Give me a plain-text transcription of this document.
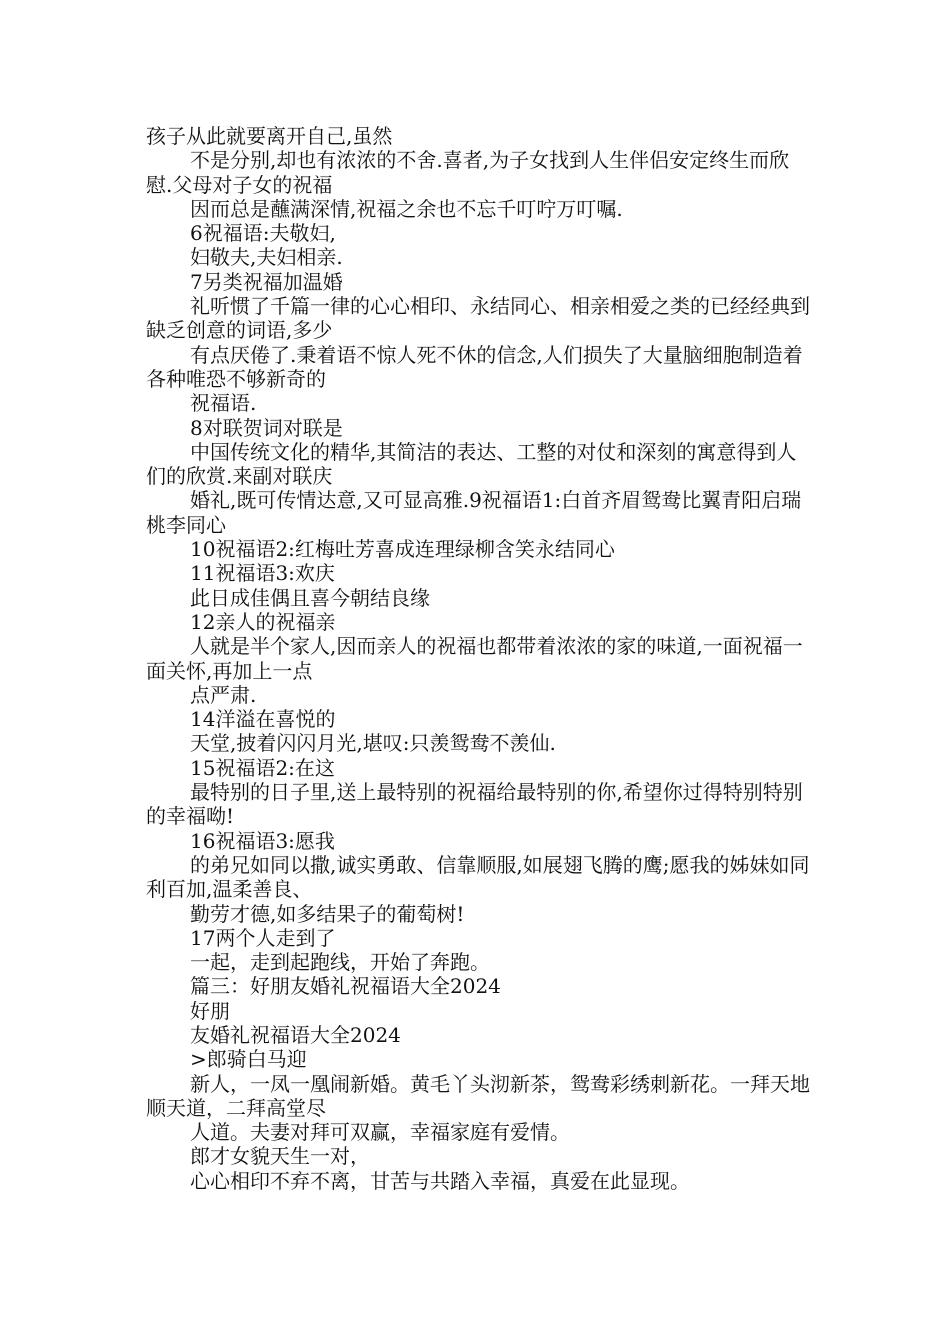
孩子从此就要离开自己,虽然

不是分别,却也有浓浓的不舍.喜者,为子女找到人生伴侣安定终生而欣慰.父母对子女的祝福

因而总是蘸满深情,祝福之余也不忘千叮咛万叮嘱.

6祝福语:夫敬妇,

妇敬夫,夫妇相亲.

7另类祝福加温婚

礼听惯了千篇一律的心心相印、永结同心、相亲相爱之类的已经经典到缺乏创意的词语,多少

有点厌倦了.秉着语不惊人死不休的信念,人们损失了大量脑细胞制造着各种唯恐不够新奇的

祝福语.

8对联贺词对联是

中国传统文化的精华,其简洁的表达、工整的对仗和深刻的寓意得到人们的欣赏.来副对联庆

婚礼,既可传情达意,又可显高雅.9祝福语1:白首齐眉鸳鸯比翼青阳启瑞桃李同心

10祝福语2:红梅吐芳喜成连理绿柳含笑永结同心

11祝福语3:欢庆

此日成佳偶且喜今朝结良缘

12亲人的祝福亲

人就是半个家人,因而亲人的祝福也都带着浓浓的家的味道,一面祝福一面关怀,再加上一点

点严肃.

14洋溢在喜悦的

天堂,披着闪闪月光,堪叹:只羡鸳鸯不羡仙.

15祝福语2:在这

最特别的日子里,送上最特别的祝福给最特别的你,希望你过得特别特别的幸福呦!

16祝福语3:愿我

的弟兄如同以撒,诚实勇敢、信靠顺服,如展翅飞腾的鹰;愿我的姊妹如同利百加,温柔善良、

勤劳才德,如多结果子的葡萄树!

17两个人走到了

一起，走到起跑线，开始了奔跑。

篇三：好朋友婚礼祝福语大全2024

好朋

友婚礼祝福语大全2024

>郎骑白马迎

新人，一凤一凰闹新婚。黄毛丫头沏新茶，鸳鸯彩绣刺新花。一拜天地顺天道，二拜高堂尽

人道。夫妻对拜可双赢，幸福家庭有爱情。

郎才女貌天生一对，

心心相印不弃不离，甘苦与共踏入幸福，真爱在此显现。
